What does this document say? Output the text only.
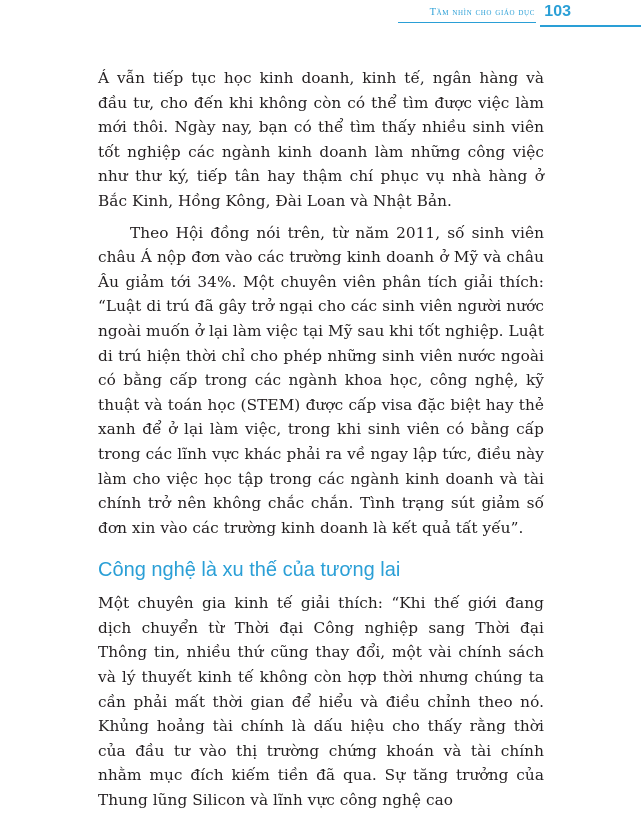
Tầm nhìn cho giáo dục 103

Á vẫn tiếp tục học kinh doanh, kinh tế, ngân hàng và đầu tư, cho đến khi không còn có thể tìm được việc làm mới thôi. Ngày nay, bạn có thể tìm thấy nhiều sinh viên tốt nghiệp các ngành kinh doanh làm những công việc như thư ký, tiếp tân hay thậm chí phục vụ nhà hàng ở Bắc Kinh, Hồng Kông, Đài Loan và Nhật Bản.

Theo Hội đồng nói trên, từ năm 2011, số sinh viên châu Á nộp đơn vào các trường kinh doanh ở Mỹ và châu Âu giảm tới 34%. Một chuyên viên phân tích giải thích: “Luật di trú đã gây trở ngại cho các sinh viên người nước ngoài muốn ở lại làm việc tại Mỹ sau khi tốt nghiệp. Luật di trú hiện thời chỉ cho phép những sinh viên nước ngoài có bằng cấp trong các ngành khoa học, công nghệ, kỹ thuật và toán học (STEM) được cấp visa đặc biệt hay thẻ xanh để ở lại làm việc, trong khi sinh viên có bằng cấp trong các lĩnh vực khác phải ra về ngay lập tức, điều này làm cho việc học tập trong các ngành kinh doanh và tài chính trở nên không chắc chắn. Tình trạng sút giảm số đơn xin vào các trường kinh doanh là kết quả tất yếu”.

Công nghệ là xu thế của tương lai

Một chuyên gia kinh tế giải thích: “Khi thế giới đang dịch chuyển từ Thời đại Công nghiệp sang Thời đại Thông tin, nhiều thứ cũng thay đổi, một vài chính sách và lý thuyết kinh tế không còn hợp thời nhưng chúng ta cần phải mất thời gian để hiểu và điều chỉnh theo nó. Khủng hoảng tài chính là dấu hiệu cho thấy rằng thời của đầu tư vào thị trường chứng khoán và tài chính nhằm mục đích kiếm tiền đã qua. Sự tăng trưởng của Thung lũng Silicon và lĩnh vực công nghệ cao
